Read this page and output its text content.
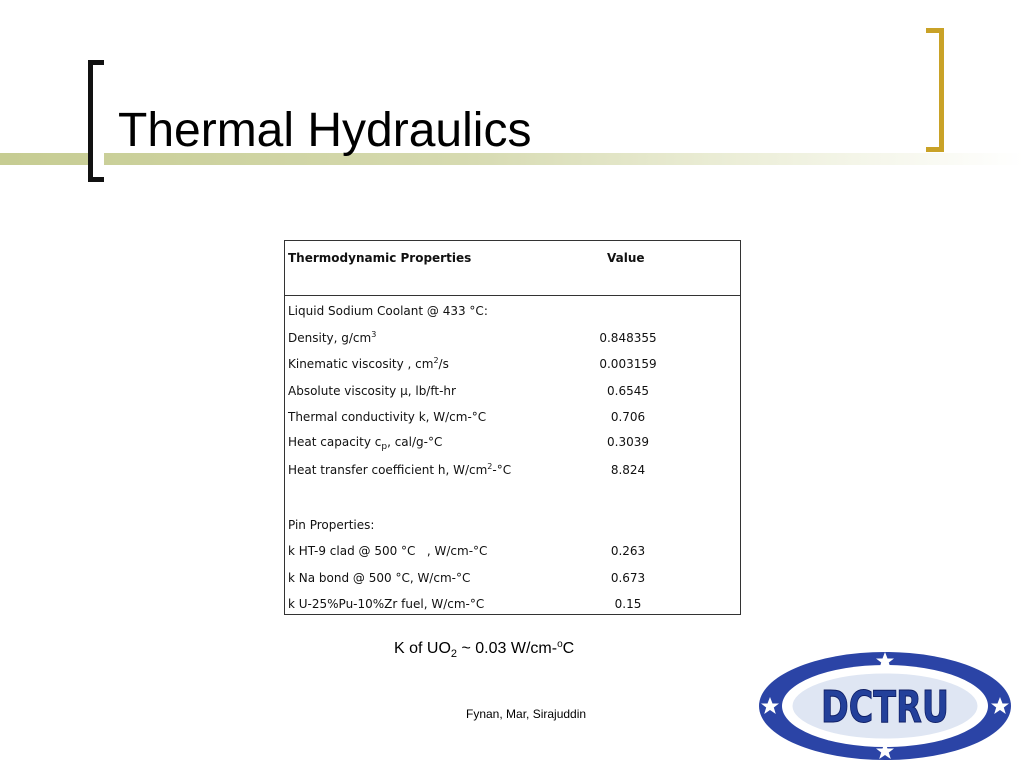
Thermal Hydraulics
Thermodynamic Properties	Value
Liquid Sodium Coolant @ 433 °C:
Density, $g/cm^3$	0.848355
Kinematic viscosity , $cm^2/s$	0.003159
Absolute viscosity μ, lb/ft-hr	0.6545
Thermal conductivity k, W/cm-°C	0.706
Heat capacity $c_p$, cal/g-°C	0.3039
Heat transfer coefficient h, $W/cm^2-^\circ C$	8.824
Pin Properties:
k HT-9 clad @ 500 °C   , W/cm-°C	0.263
k Na bond @ 500 °C, W/cm-°C	0.673
k U-25%Pu-10%Zr fuel, W/cm-°C	0.15
K of $UO_2$ ~ 0.03 W/cm-$^o$C
Fynan, Mar, Sirajuddin	DCTRU
